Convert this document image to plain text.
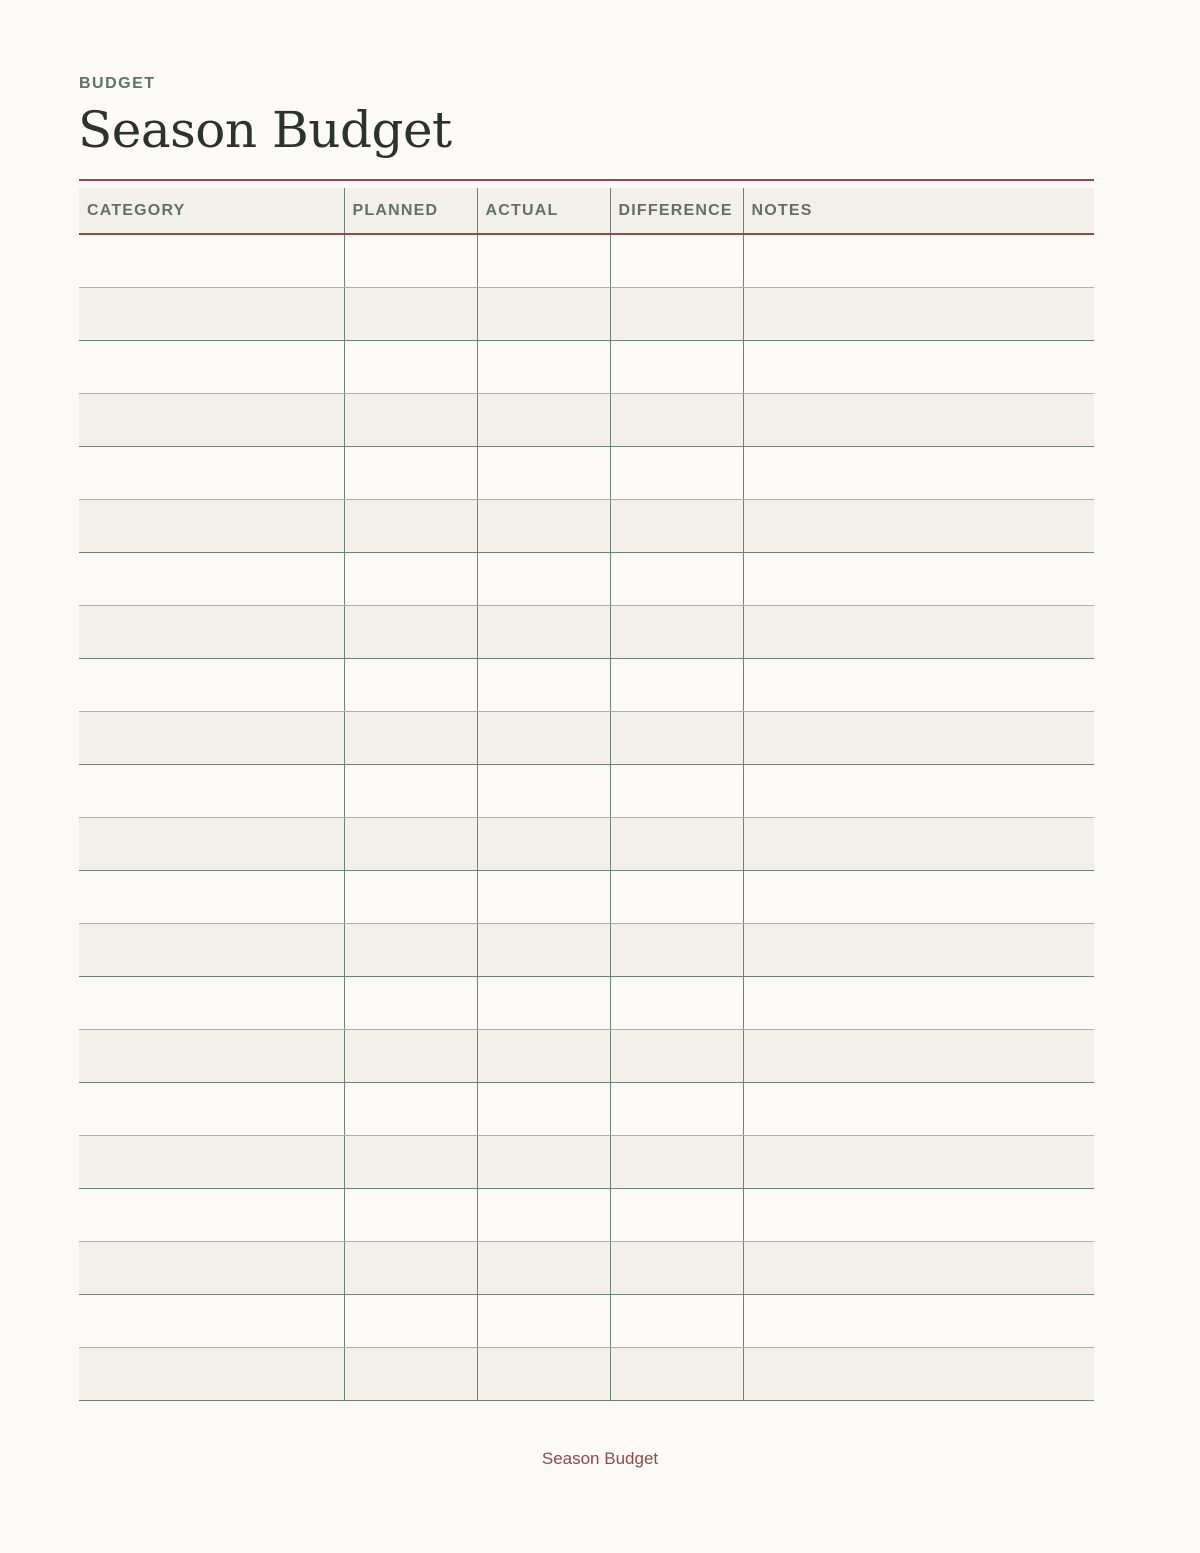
BUDGET
Season Budget
CATEGORY	PLANNED	ACTUAL	DIFFERENCE	NOTES

Season Budget
